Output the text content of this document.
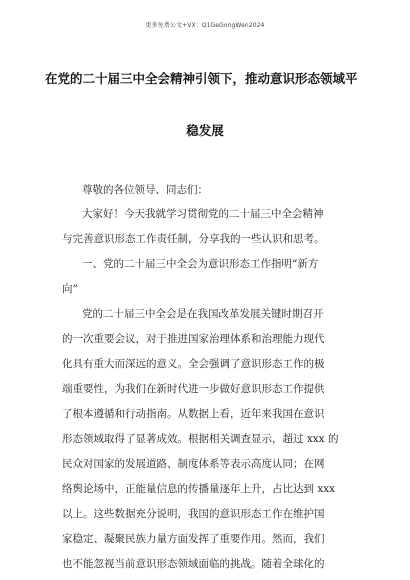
更多免费公文+VX：Q1GeGongWen2024
在党的二十届三中全会精神引领下，推动意识形态领域平
稳发展
尊敬的各位领导、同志们：
大家好！今天我就学习贯彻党的二十届三中全会精神
与完善意识形态工作责任制，分享我的一些认识和思考。
一、党的二十届三中全会为意识形态工作指明“新方
向”
党的二十届三中全会是在我国改革发展关键时期召开
的一次重要会议，对于推进国家治理体系和治理能力现代
化具有重大而深远的意义。全会强调了意识形态工作的极
端重要性，为我们在新时代进一步做好意识形态工作提供
了根本遵循和行动指南。从数据上看，近年来我国在意识
形态领域取得了显著成效。根据相关调查显示，超过 xxx 的
民众对国家的发展道路、制度体系等表示高度认同；在网
络舆论场中，正能量信息的传播量逐年上升，占比达到 xxx
以上。这些数据充分说明，我国的意识形态工作在维护国
家稳定、凝聚民族力量方面发挥了重要作用。然而，我们
也不能忽视当前意识形态领域面临的挑战。随着全球化的
